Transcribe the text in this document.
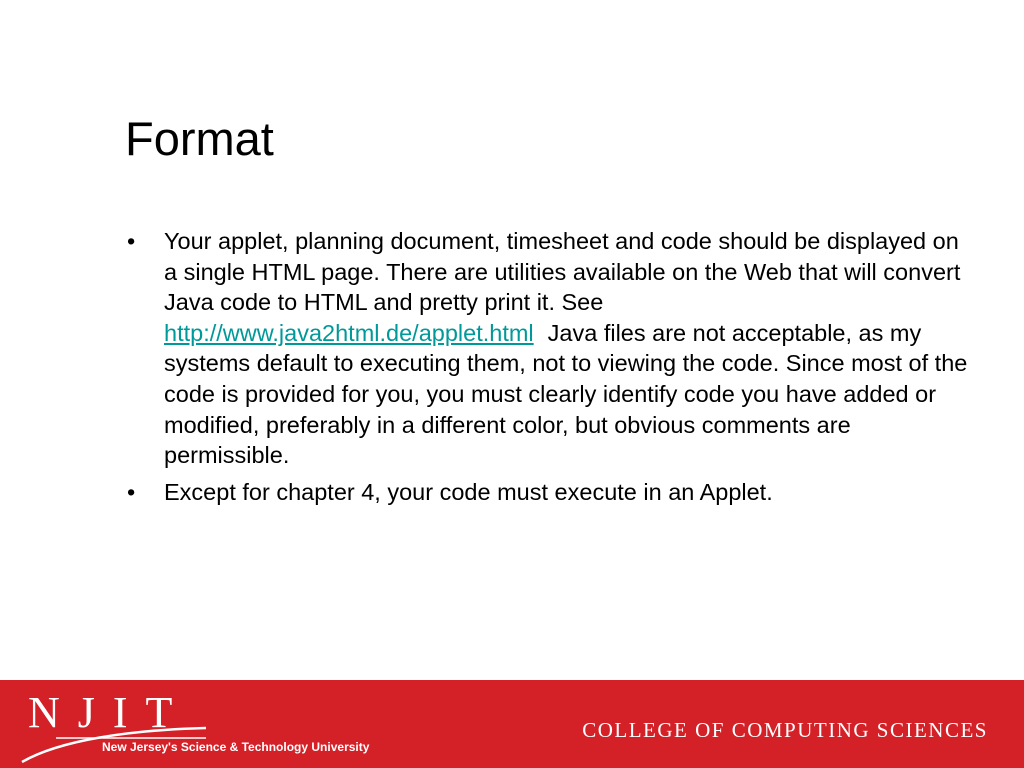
Format
• Your applet, planning document, timesheet and code should be displayed on a single HTML page. There are utilities available on the Web that will convert Java code to HTML and pretty print it. See http://www.java2html.de/applet.html Java files are not acceptable, as my systems default to executing them, not to viewing the code. Since most of the code is provided for you, you must clearly identify code you have added or modified, preferably in a different color, but obvious comments are permissible.
• Except for chapter 4, your code must execute in an Applet.
NJIT
New Jersey's Science & Technology University
COLLEGE OF COMPUTING SCIENCES
